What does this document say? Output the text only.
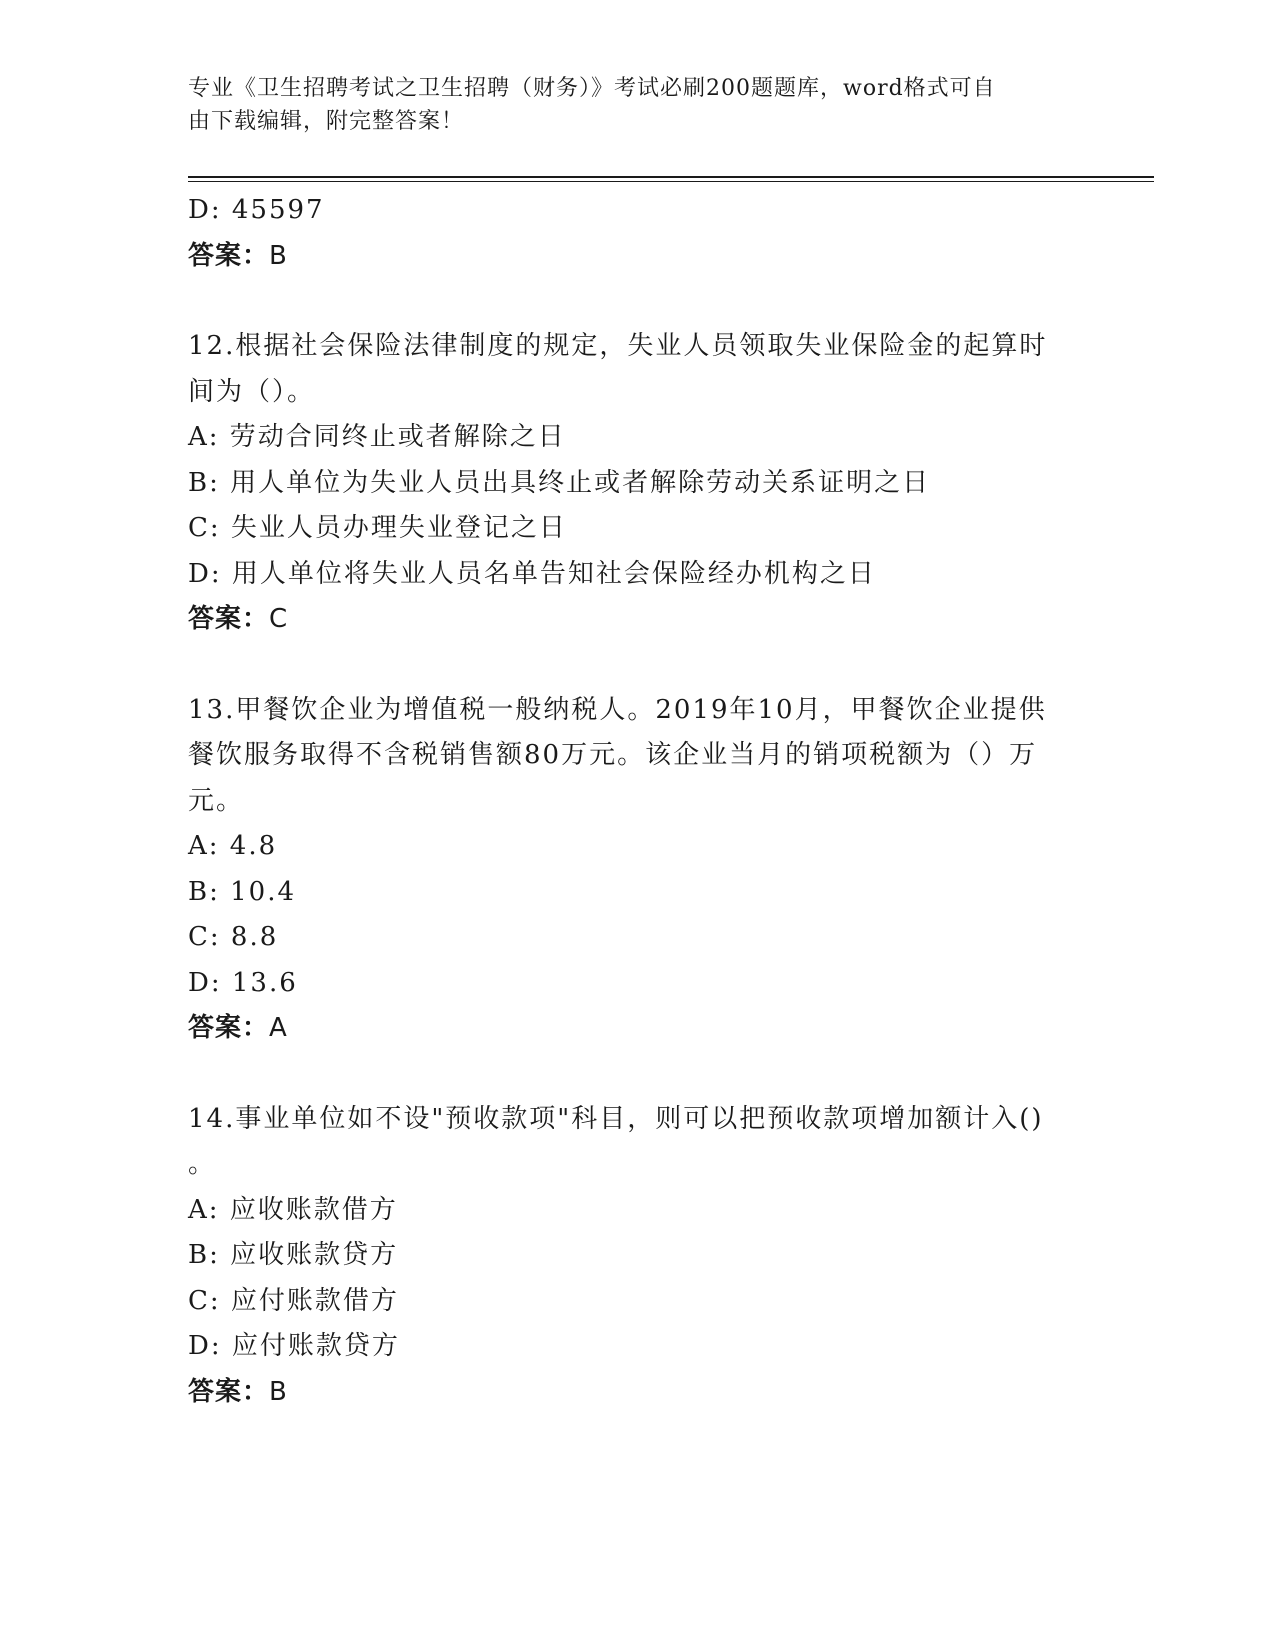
专业《卫生招聘考试之卫生招聘（财务）》考试必刷200题题库，word格式可自
由下载编辑，附完整答案！
D: 45597
答案：B
12.根据社会保险法律制度的规定，失业人员领取失业保险金的起算时
间为（）。
A: 劳动合同终止或者解除之日
B: 用人单位为失业人员出具终止或者解除劳动关系证明之日
C: 失业人员办理失业登记之日
D: 用人单位将失业人员名单告知社会保险经办机构之日
答案：C
13.甲餐饮企业为增值税一般纳税人。2019年10月，甲餐饮企业提供
餐饮服务取得不含税销售额80万元。该企业当月的销项税额为（）万
元。
A: 4.8
B: 10.4
C: 8.8
D: 13.6
答案：A
14.事业单位如不设"预收款项"科目，则可以把预收款项增加额计入()
。
A: 应收账款借方
B: 应收账款贷方
C: 应付账款借方
D: 应付账款贷方
答案：B
